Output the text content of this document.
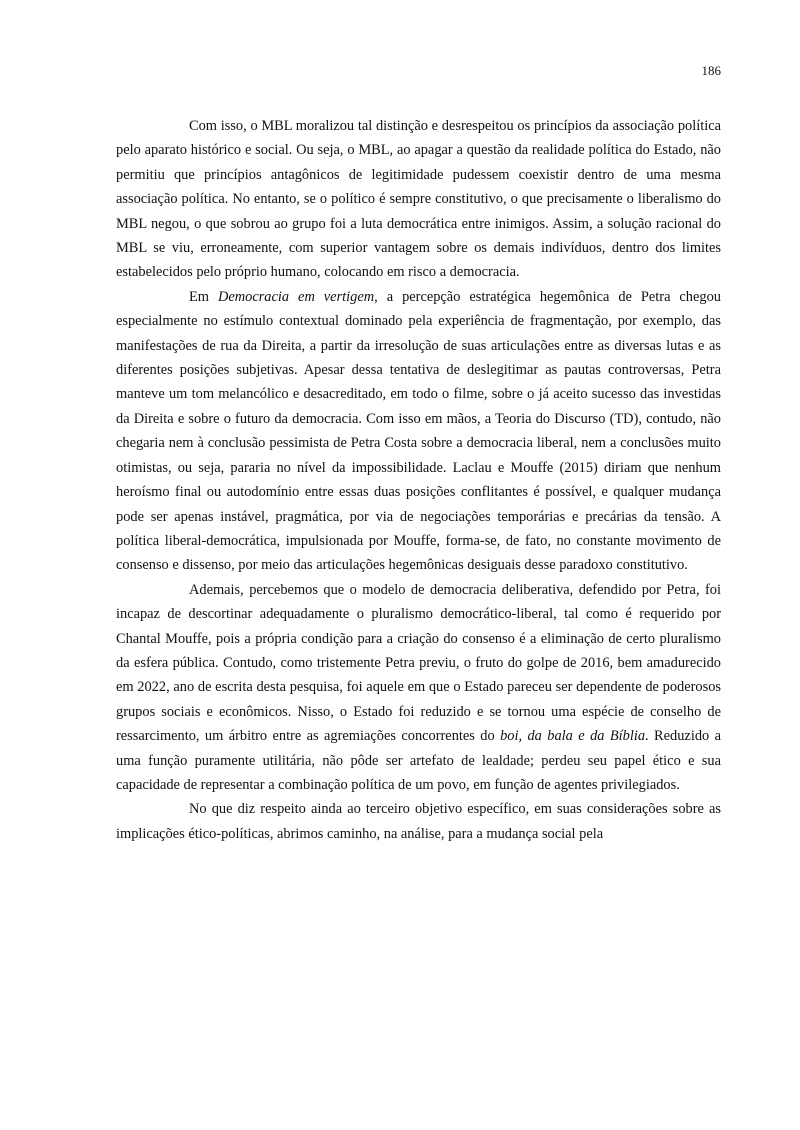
186

Com isso, o MBL moralizou tal distinção e desrespeitou os princípios da associação política pelo aparato histórico e social. Ou seja, o MBL, ao apagar a questão da realidade política do Estado, não permitiu que princípios antagônicos de legitimidade pudessem coexistir dentro de uma mesma associação política. No entanto, se o político é sempre constitutivo, o que precisamente o liberalismo do MBL negou, o que sobrou ao grupo foi a luta democrática entre inimigos. Assim, a solução racional do MBL se viu, erroneamente, com superior vantagem sobre os demais indivíduos, dentro dos limites estabelecidos pelo próprio humano, colocando em risco a democracia.

Em Democracia em vertigem, a percepção estratégica hegemônica de Petra chegou especialmente no estímulo contextual dominado pela experiência de fragmentação, por exemplo, das manifestações de rua da Direita, a partir da irresolução de suas articulações entre as diversas lutas e as diferentes posições subjetivas. Apesar dessa tentativa de deslegitimar as pautas controversas, Petra manteve um tom melancólico e desacreditado, em todo o filme, sobre o já aceito sucesso das investidas da Direita e sobre o futuro da democracia. Com isso em mãos, a Teoria do Discurso (TD), contudo, não chegaria nem à conclusão pessimista de Petra Costa sobre a democracia liberal, nem a conclusões muito otimistas, ou seja, pararia no nível da impossibilidade. Laclau e Mouffe (2015) diriam que nenhum heroísmo final ou autodomínio entre essas duas posições conflitantes é possível, e qualquer mudança pode ser apenas instável, pragmática, por via de negociações temporárias e precárias da tensão. A política liberal-democrática, impulsionada por Mouffe, forma-se, de fato, no constante movimento de consenso e dissenso, por meio das articulações hegemônicas desiguais desse paradoxo constitutivo.

Ademais, percebemos que o modelo de democracia deliberativa, defendido por Petra, foi incapaz de descortinar adequadamente o pluralismo democrático-liberal, tal como é requerido por Chantal Mouffe, pois a própria condição para a criação do consenso é a eliminação de certo pluralismo da esfera pública. Contudo, como tristemente Petra previu, o fruto do golpe de 2016, bem amadurecido em 2022, ano de escrita desta pesquisa, foi aquele em que o Estado pareceu ser dependente de poderosos grupos sociais e econômicos. Nisso, o Estado foi reduzido e se tornou uma espécie de conselho de ressarcimento, um árbitro entre as agremiações concorrentes do boi, da bala e da Bíblia. Reduzido a uma função puramente utilitária, não pôde ser artefato de lealdade; perdeu seu papel ético e sua capacidade de representar a combinação política de um povo, em função de agentes privilegiados.

No que diz respeito ainda ao terceiro objetivo específico, em suas considerações sobre as implicações ético-políticas, abrimos caminho, na análise, para a mudança social pela
